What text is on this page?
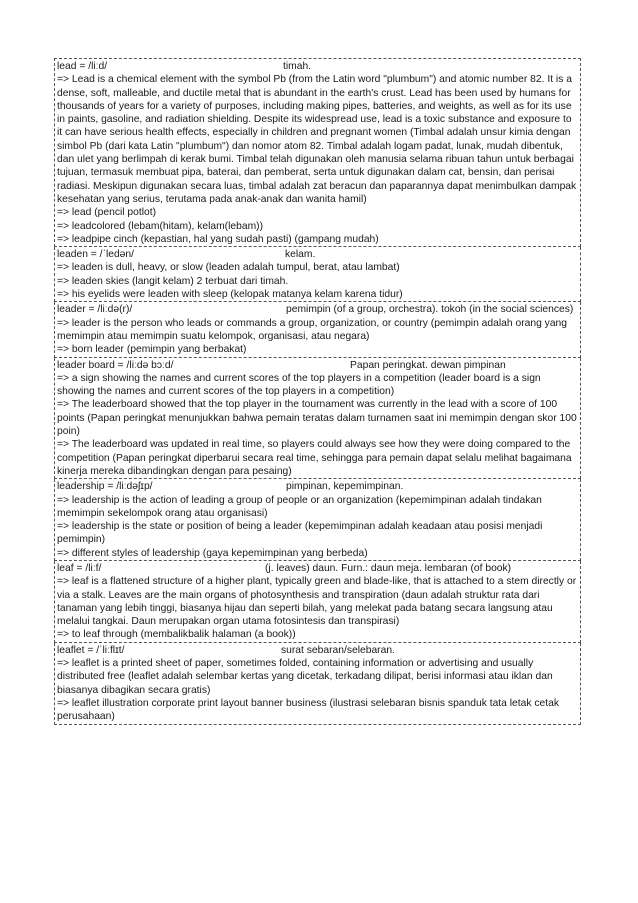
lead = /liːd/	timah.

=> Lead is a chemical element with the symbol Pb (from the Latin word "plumbum") and atomic number 82. It is a dense, soft, malleable, and ductile metal that is abundant in the earth's crust. Lead has been used by humans for thousands of years for a variety of purposes, including making pipes, batteries, and weights, as well as for its use in paints, gasoline, and radiation shielding. Despite its widespread use, lead is a toxic substance and exposure to it can have serious health effects, especially in children and pregnant women (Timbal adalah unsur kimia dengan simbol Pb (dari kata Latin "plumbum") dan nomor atom 82. Timbal adalah logam padat, lunak, mudah dibentuk, dan ulet yang berlimpah di kerak bumi. Timbal telah digunakan oleh manusia selama ribuan tahun untuk berbagai tujuan, termasuk membuat pipa, baterai, dan pemberat, serta untuk digunakan dalam cat, bensin, dan perisai radiasi. Meskipun digunakan secara luas, timbal adalah zat beracun dan paparannya dapat menimbulkan dampak kesehatan yang serius, terutama pada anak-anak dan wanita hamil)

=> lead (pencil potlot)

=> leadcolored (lebam(hitam), kelam(lebam))

=> leadpipe cinch (kepastian, hal yang sudah pasti) (gampang mudah)

leaden = /ˈledən/	kelam.

=> leaden is dull, heavy, or slow (leaden adalah tumpul, berat, atau lambat)

=> leaden skies (langit kelam) 2 terbuat dari timah.

=> his eyelids were leaden with sleep (kelopak matanya kelam karena tidur)

leader = /liːdə(r)/	pemimpin (of a group, orchestra). tokoh (in the social sciences)

=> leader is the person who leads or commands a group, organization, or country (pemimpin adalah orang yang memimpin atau memimpin suatu kelompok, organisasi, atau negara)

=> born leader (pemimpin yang berbakat)

leader board = /liːdə bɔːd/	Papan peringkat. dewan pimpinan

=> a sign showing the names and current scores of the top players in a competition (leader board is a sign showing the names and current scores of the top players in a competition)

=> The leaderboard showed that the top player in the tournament was currently in the lead with a score of 100 points (Papan peringkat menunjukkan bahwa pemain teratas dalam turnamen saat ini memimpin dengan skor 100 poin)

=> The leaderboard was updated in real time, so players could always see how they were doing compared to the competition (Papan peringkat diperbarui secara real time, sehingga para pemain dapat selalu melihat bagaimana kinerja mereka dibandingkan dengan para pesaing)

leadership = /liːdəʃɪp/	pimpinan, kepemimpinan.

=> leadership is the action of leading a group of people or an organization (kepemimpinan adalah tindakan memimpin sekelompok orang atau organisasi)

=> leadership is the state or position of being a leader (kepemimpinan adalah keadaan atau posisi menjadi pemimpin)

=> different styles of leadership (gaya kepemimpinan yang berbeda)

leaf = /liːf/	(j. leaves) daun. Furn.: daun meja. lembaran (of book)

=> leaf is a flattened structure of a higher plant, typically green and blade-like, that is attached to a stem directly or via a stalk. Leaves are the main organs of photosynthesis and transpiration (daun adalah struktur rata dari tanaman yang lebih tinggi, biasanya hijau dan seperti bilah, yang melekat pada batang secara langsung atau melalui tangkai. Daun merupakan organ utama fotosintesis dan transpirasi)

=> to leaf through (membalikbalik halaman (a book))

leaflet = /ˈliːflɪt/	surat sebaran/selebaran.

=> leaflet is a printed sheet of paper, sometimes folded, containing information or advertising and usually distributed free (leaflet adalah selembar kertas yang dicetak, terkadang dilipat, berisi informasi atau iklan dan biasanya dibagikan secara gratis)

=> leaflet illustration corporate print layout banner business (ilustrasi selebaran bisnis spanduk tata letak cetak perusahaan)
